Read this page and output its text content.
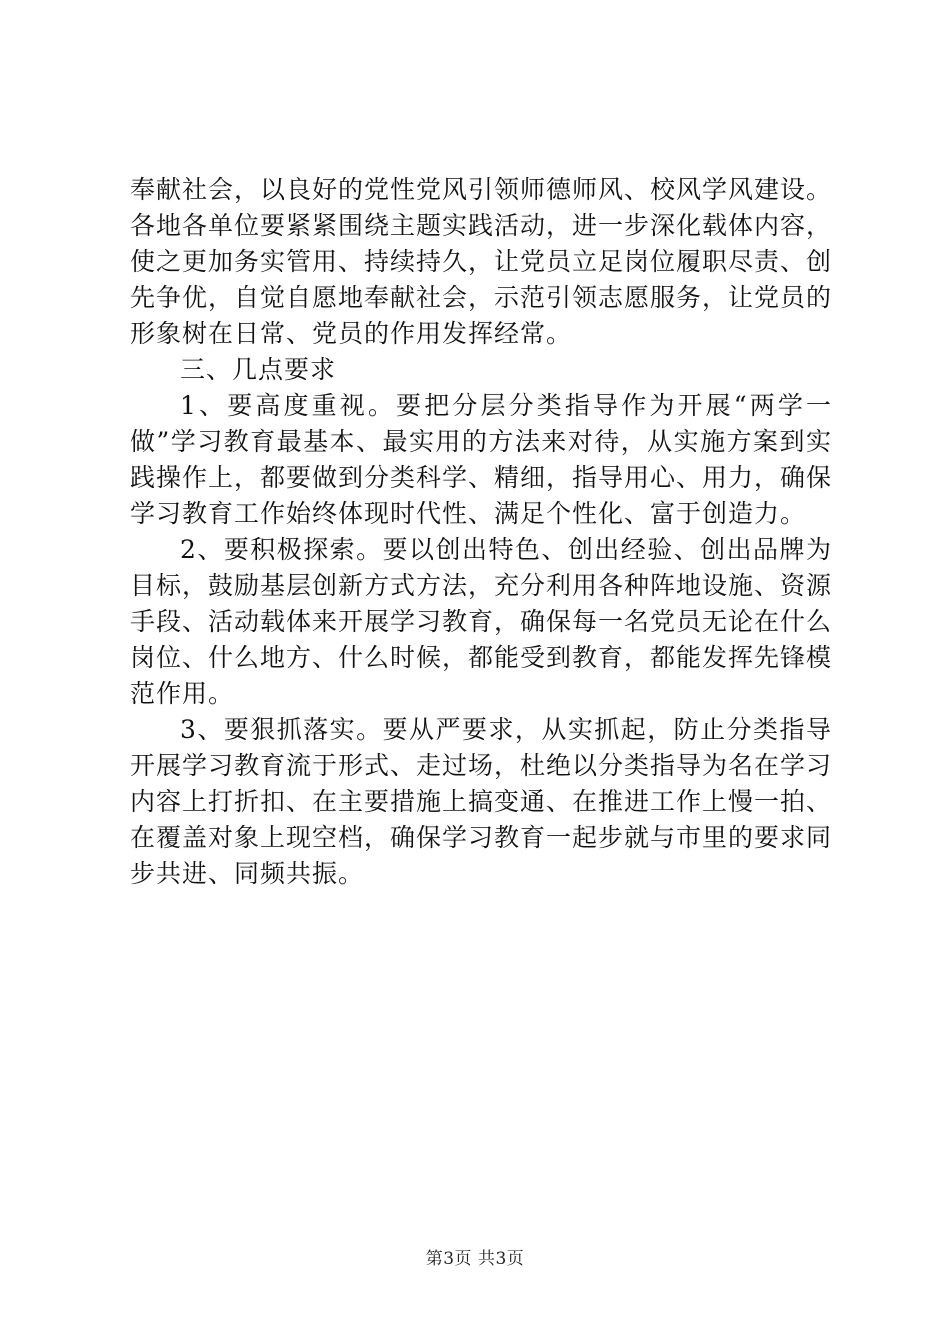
奉献社会，以良好的党性党风引领师德师风、校风学风建设。各地各单位要紧紧围绕主题实践活动，进一步深化载体内容，使之更加务实管用、持续持久，让党员立足岗位履职尽责、创先争优，自觉自愿地奉献社会，示范引领志愿服务，让党员的形象树在日常、党员的作用发挥经常。

三、几点要求

1、要高度重视。要把分层分类指导作为开展“两学一做”学习教育最基本、最实用的方法来对待，从实施方案到实践操作上，都要做到分类科学、精细，指导用心、用力，确保学习教育工作始终体现时代性、满足个性化、富于创造力。

2、要积极探索。要以创出特色、创出经验、创出品牌为目标，鼓励基层创新方式方法，充分利用各种阵地设施、资源手段、活动载体来开展学习教育，确保每一名党员无论在什么岗位、什么地方、什么时候，都能受到教育，都能发挥先锋模范作用。

3、要狠抓落实。要从严要求，从实抓起，防止分类指导开展学习教育流于形式、走过场，杜绝以分类指导为名在学习内容上打折扣、在主要措施上搞变通、在推进工作上慢一拍、在覆盖对象上现空档，确保学习教育一起步就与市里的要求同步共进、同频共振。

第3页 共3页
